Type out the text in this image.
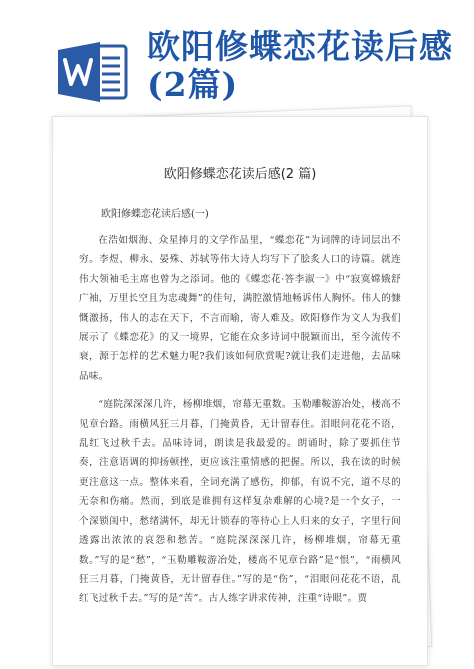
欧阳修蝶恋花读后感(2篇)
欧阳修蝶恋花读后感(2 篇)
欧阳修蝶恋花读后感(一)

在浩如烟海、众星捧月的文学作品里，“蝶恋花”为词牌的诗词层出不穷。李煜、柳永、晏殊、苏轼等伟大诗人均写下了脍炙人口的诗篇。就连伟大领袖毛主席也曾为之添词。他的《蝶恋花·答李淑一》中“寂寞嫦娥舒广袖，万里长空且为忠魂舞”的佳句，满腔激情地畅诉伟人胸怀。伟人的慷慨激扬，伟人的志在天下，不言而喻，寄人难及。欧阳修作为文人为我们展示了《蝶恋花》的又一境界，它能在众多诗词中脱颖而出，至今流传不衰，源于怎样的艺术魅力呢?我们该如何欣赏呢?就让我们走进他，去品味品味。

“庭院深深深几许，杨柳堆烟，帘幕无重数。玉勒雕鞍游冶处，楼高不见章台路。雨横风狂三月暮，门掩黄昏，无计留春住。泪眼问花花不语，乱红飞过秋千去。品味诗词，朗读是我最爱的。朗诵时，除了要抓住节奏，注意语调的抑扬顿挫，更应该注重情感的把握。所以，我在读的时候更注意这一点。整体来看，全词充满了感伤，抑郁，有说不完，道不尽的无奈和伤痛。然而，到底是谁拥有这样复杂难解的心境?是一个女子，一个深锁闺中，愁绪满怀，却无计锁春的等待心上人归来的女子，字里行间透露出浓浓的哀怨和愁苦。“庭院深深深几许，杨柳堆烟，帘幕无重数。”写的是“愁”，“玉勒雕鞍游冶处，楼高不见章台路”是“恨”，“雨横风狂三月暮，门掩黄昏，无计留春住。”写的是“伤”，“泪眼问花花不语，乱红飞过秋千去。”写的是“苦”。古人练字讲求传神，注重“诗眼”。贾
